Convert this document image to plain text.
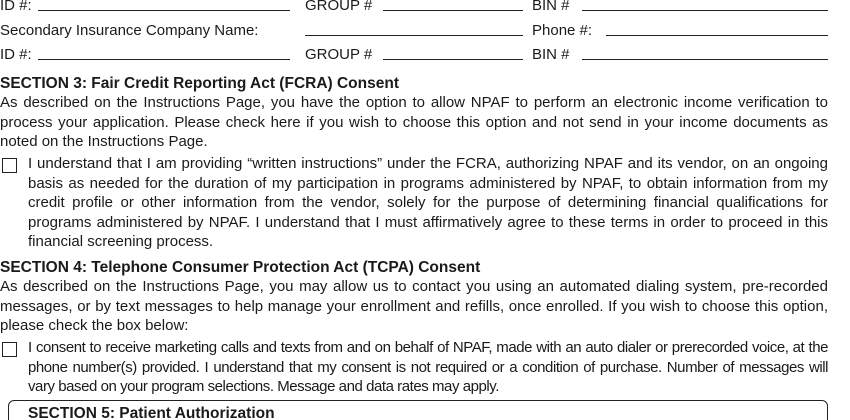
ID #:	GROUP #	BIN #
Secondary Insurance Company Name:	Phone #:
ID #:	GROUP #	BIN #
SECTION 3: Fair Credit Reporting Act (FCRA) Consent

As described on the Instructions Page, you have the option to allow NPAF to perform an electronic income verification to process your application. Please check here if you wish to choose this option and not send in your income documents as noted on the Instructions Page.

I understand that I am providing “written instructions” under the FCRA, authorizing NPAF and its vendor, on an ongoing basis as needed for the duration of my participation in programs administered by NPAF, to obtain information from my credit profile or other information from the vendor, solely for the purpose of determining financial qualifications for programs administered by NPAF. I understand that I must affirmatively agree to these terms in order to proceed in this financial screening process.

SECTION 4: Telephone Consumer Protection Act (TCPA) Consent

As described on the Instructions Page, you may allow us to contact you using an automated dialing system, pre-recorded messages, or by text messages to help manage your enrollment and refills, once enrolled. If you wish to choose this option, please check the box below:

I consent to receive marketing calls and texts from and on behalf of NPAF, made with an auto dialer or prerecorded voice, at the phone number(s) provided. I understand that my consent is not required or a condition of purchase. Number of messages will vary based on your program selections. Message and data rates may apply.

SECTION 5: Patient Authorization
